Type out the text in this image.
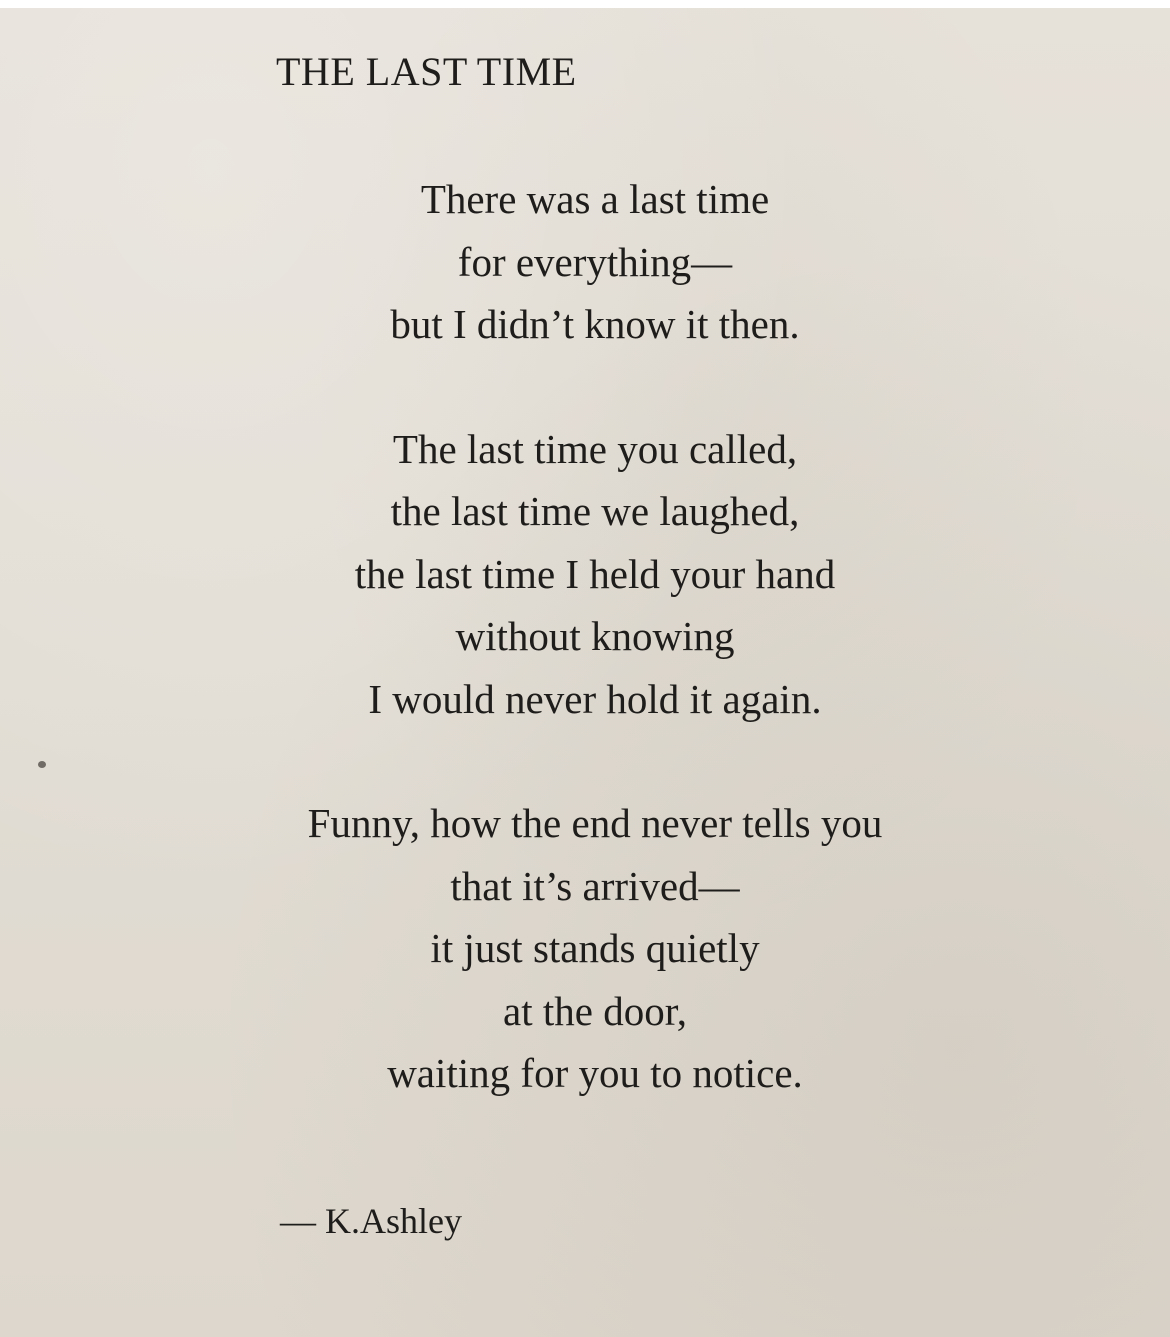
THE LAST TIME

There was a last time
for everything—
but I didn’t know it then.

The last time you called,
the last time we laughed,
the last time I held your hand
without knowing
I would never hold it again.

Funny, how the end never tells you
that it’s arrived—
it just stands quietly
at the door,
waiting for you to notice.

— K.Ashley
